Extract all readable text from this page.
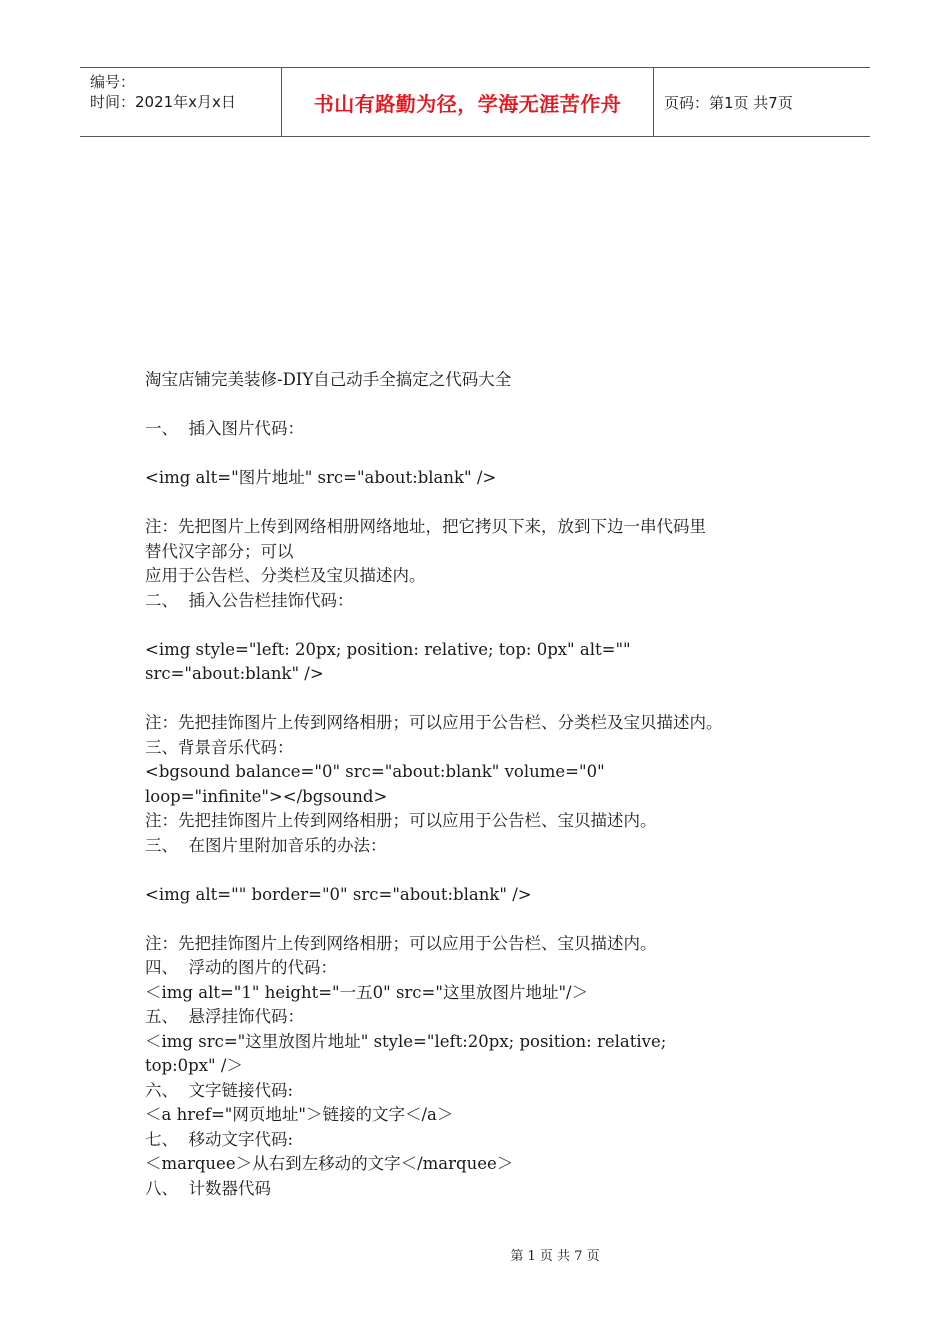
编号：
时间：2021年x月x日	书山有路勤为径，学海无涯苦作舟	页码：第1页 共7页
淘宝店铺完美装修-DIY自己动手全搞定之代码大全
一、  插入图片代码：
<img alt="图片地址" src="about:blank" />
注：先把图片上传到网络相册网络地址，把它拷贝下来，放到下边一串代码里
替代汉字部分；可以
应用于公告栏、分类栏及宝贝描述内。
二、  插入公告栏挂饰代码：
<img style="left: 20px; position: relative; top: 0px" alt=""
src="about:blank" />
注：先把挂饰图片上传到网络相册；可以应用于公告栏、分类栏及宝贝描述内。
三、背景音乐代码：
<bgsound balance="0" src="about:blank" volume="0"
loop="infinite"></bgsound>
注：先把挂饰图片上传到网络相册；可以应用于公告栏、宝贝描述内。
三、  在图片里附加音乐的办法：
<img alt="" border="0" src="about:blank" />
注：先把挂饰图片上传到网络相册；可以应用于公告栏、宝贝描述内。
四、  浮动的图片的代码：
＜img alt="1" height="一五0" src="这里放图片地址"/＞
五、  悬浮挂饰代码：
＜img src="这里放图片地址" style="left:20px; position: relative;
top:0px" /＞
六、  文字链接代码:
＜a href="网页地址"＞链接的文字＜/a＞
七、  移动文字代码:
＜marquee＞从右到左移动的文字＜/marquee＞
八、  计数器代码
第 1 页 共 7 页
